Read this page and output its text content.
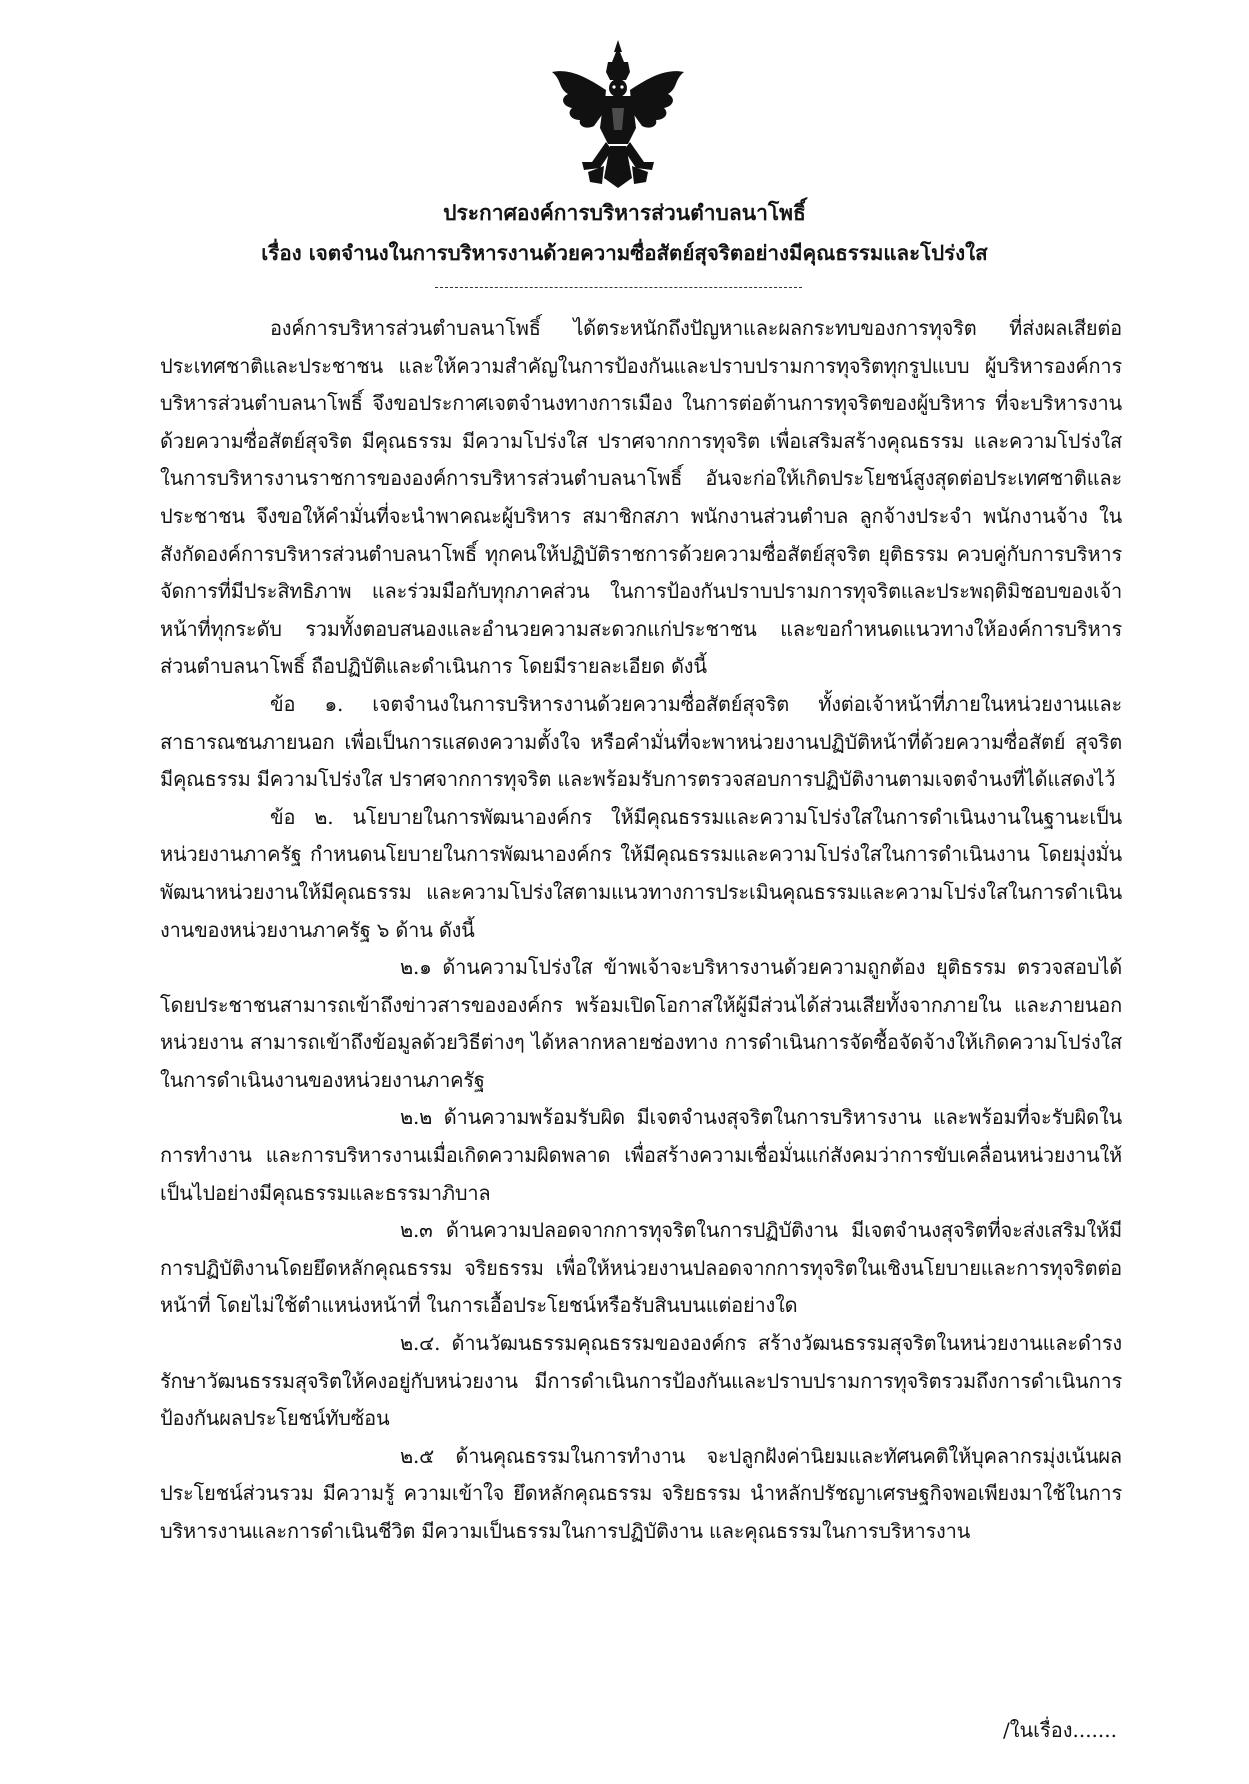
ประกาศองค์การบริหารส่วนตำบลนาโพธิ์
เรื่อง เจตจำนงในการบริหารงานด้วยความซื่อสัตย์สุจริตอย่างมีคุณธรรมและโปร่งใส

องค์การบริหารส่วนตำบลนาโพธิ์ ได้ตระหนักถึงปัญหาและผลกระทบของการทุจริต ที่ส่งผลเสียต่อประเทศชาติและประชาชน และให้ความสำคัญในการป้องกันและปราบปรามการทุจริตทุกรูปแบบ ผู้บริหารองค์การบริหารส่วนตำบลนาโพธิ์ จึงขอประกาศเจตจำนงทางการเมือง ในการต่อต้านการทุจริตของผู้บริหาร ที่จะบริหารงานด้วยความซื่อสัตย์สุจริต มีคุณธรรม มีความโปร่งใส ปราศจากการทุจริต เพื่อเสริมสร้างคุณธรรม และความโปร่งใสในการบริหารงานราชการขององค์การบริหารส่วนตำบลนาโพธิ์ อันจะก่อให้เกิดประโยชน์สูงสุดต่อประเทศชาติและประชาชน จึงขอให้คำมั่นที่จะนำพาคณะผู้บริหาร สมาชิกสภา พนักงานส่วนตำบล ลูกจ้างประจำ พนักงานจ้าง ในสังกัดองค์การบริหารส่วนตำบลนาโพธิ์ ทุกคนให้ปฏิบัติราชการด้วยความซื่อสัตย์สุจริต ยุติธรรม ควบคู่กับการบริหารจัดการที่มีประสิทธิภาพ และร่วมมือกับทุกภาคส่วน ในการป้องกันปราบปรามการทุจริตและประพฤติมิชอบของเจ้าหน้าที่ทุกระดับ รวมทั้งตอบสนองและอำนวยความสะดวกแก่ประชาชน และขอกำหนดแนวทางให้องค์การบริหารส่วนตำบลนาโพธิ์ ถือปฏิบัติและดำเนินการ โดยมีรายละเอียด ดังนี้

ข้อ ๑. เจตจำนงในการบริหารงานด้วยความซื่อสัตย์สุจริต ทั้งต่อเจ้าหน้าที่ภายในหน่วยงานและสาธารณชนภายนอก เพื่อเป็นการแสดงความตั้งใจ หรือคำมั่นที่จะพาหน่วยงานปฏิบัติหน้าที่ด้วยความซื่อสัตย์ สุจริต มีคุณธรรม มีความโปร่งใส ปราศจากการทุจริต และพร้อมรับการตรวจสอบการปฏิบัติงานตามเจตจำนงที่ได้แสดงไว้

ข้อ ๒. นโยบายในการพัฒนาองค์กร ให้มีคุณธรรมและความโปร่งใสในการดำเนินงานในฐานะเป็นหน่วยงานภาครัฐ กำหนดนโยบายในการพัฒนาองค์กร ให้มีคุณธรรมและความโปร่งใสในการดำเนินงาน โดยมุ่งมั่นพัฒนาหน่วยงานให้มีคุณธรรม และความโปร่งใสตามแนวทางการประเมินคุณธรรมและความโปร่งใสในการดำเนินงานของหน่วยงานภาครัฐ ๖ ด้าน ดังนี้

๒.๑ ด้านความโปร่งใส ข้าพเจ้าจะบริหารงานด้วยความถูกต้อง ยุติธรรม ตรวจสอบได้ โดยประชาชนสามารถเข้าถึงข่าวสารขององค์กร พร้อมเปิดโอกาสให้ผู้มีส่วนได้ส่วนเสียทั้งจากภายใน และภายนอกหน่วยงาน สามารถเข้าถึงข้อมูลด้วยวิธีต่างๆ ได้หลากหลายช่องทาง การดำเนินการจัดซื้อจัดจ้างให้เกิดความโปร่งใสในการดำเนินงานของหน่วยงานภาครัฐ

๒.๒ ด้านความพร้อมรับผิด มีเจตจำนงสุจริตในการบริหารงาน และพร้อมที่จะรับผิดในการทำงาน และการบริหารงานเมื่อเกิดความผิดพลาด เพื่อสร้างความเชื่อมั่นแก่สังคมว่าการขับเคลื่อนหน่วยงานให้เป็นไปอย่างมีคุณธรรมและธรรมาภิบาล

๒.๓ ด้านความปลอดจากการทุจริตในการปฏิบัติงาน มีเจตจำนงสุจริตที่จะส่งเสริมให้มีการปฏิบัติงานโดยยึดหลักคุณธรรม จริยธรรม เพื่อให้หน่วยงานปลอดจากการทุจริตในเชิงนโยบายและการทุจริตต่อหน้าที่ โดยไม่ใช้ตำแหน่งหน้าที่ ในการเอื้อประโยชน์หรือรับสินบนแต่อย่างใด

๒.๔. ด้านวัฒนธรรมคุณธรรมขององค์กร สร้างวัฒนธรรมสุจริตในหน่วยงานและดำรงรักษาวัฒนธรรมสุจริตให้คงอยู่กับหน่วยงาน มีการดำเนินการป้องกันและปราบปรามการทุจริตรวมถึงการดำเนินการป้องกันผลประโยชน์ทับซ้อน

๒.๕ ด้านคุณธรรมในการทำงาน จะปลูกฝังค่านิยมและทัศนคติให้บุคลากรมุ่งเน้นผลประโยชน์ส่วนรวม มีความรู้ ความเข้าใจ ยึดหลักคุณธรรม จริยธรรม นำหลักปรัชญาเศรษฐกิจพอเพียงมาใช้ในการบริหารงานและการดำเนินชีวิต มีความเป็นธรรมในการปฏิบัติงาน และคุณธรรมในการบริหารงาน

/ในเรื่อง.......
